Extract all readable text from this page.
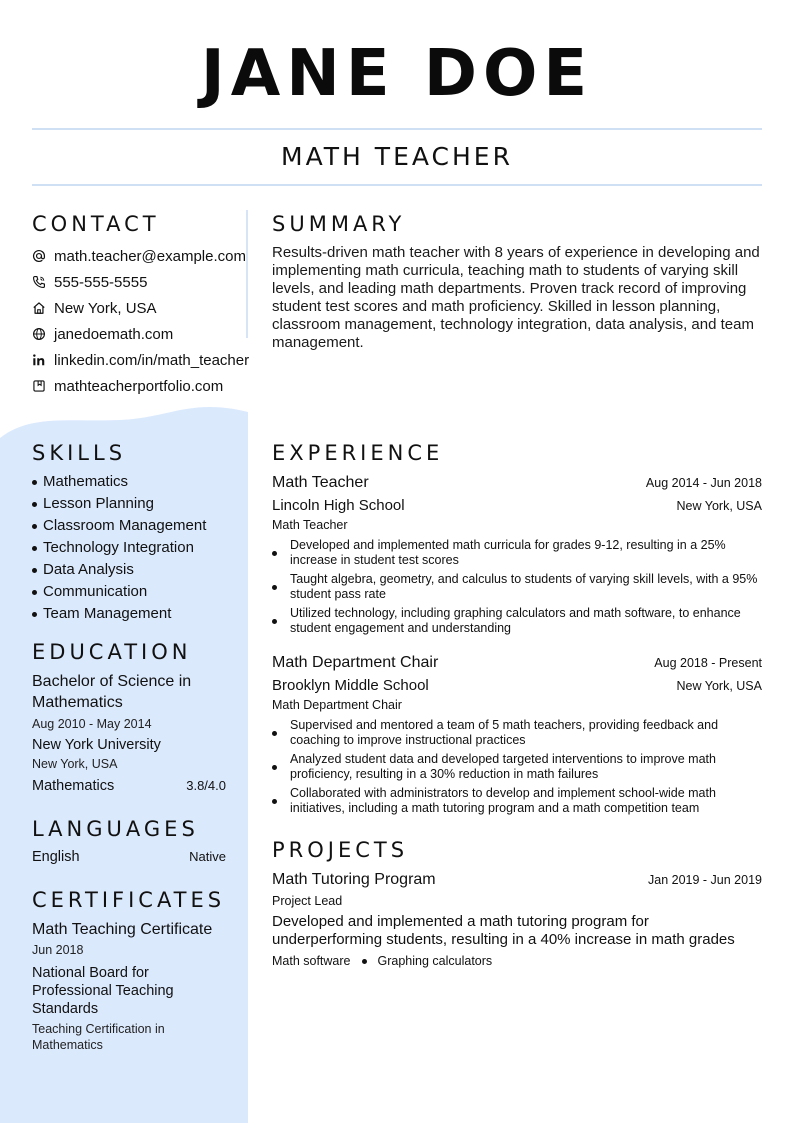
JANE DOE
MATH TEACHER
CONTACT
math.teacher@example.com
555-555-5555
New York, USA
janedoemath.com
linkedin.com/in/math_teacher
mathteacherportfolio.com
SUMMARY
Results-driven math teacher with 8 years of experience in developing and implementing math curricula, teaching math to students of varying skill levels, and leading math departments. Proven track record of improving student test scores and math proficiency. Skilled in lesson planning, classroom management, technology integration, data analysis, and team management.
SKILLS
Mathematics
Lesson Planning
Classroom Management
Technology Integration
Data Analysis
Communication
Team Management
EDUCATION
Bachelor of Science in Mathematics
Aug 2010 - May 2014
New York University
New York, USA
Mathematics	3.8/4.0
LANGUAGES
English	Native
CERTIFICATES
Math Teaching Certificate
Jun 2018
National Board for Professional Teaching Standards
Teaching Certification in Mathematics
EXPERIENCE
Math Teacher	Aug 2014 - Jun 2018
Lincoln High School	New York, USA
Math Teacher
Developed and implemented math curricula for grades 9-12, resulting in a 25% increase in student test scores
Taught algebra, geometry, and calculus to students of varying skill levels, with a 95% student pass rate
Utilized technology, including graphing calculators and math software, to enhance student engagement and understanding
Math Department Chair	Aug 2018 - Present
Brooklyn Middle School	New York, USA
Math Department Chair
Supervised and mentored a team of 5 math teachers, providing feedback and coaching to improve instructional practices
Analyzed student data and developed targeted interventions to improve math proficiency, resulting in a 30% reduction in math failures
Collaborated with administrators to develop and implement school-wide math initiatives, including a math tutoring program and a math competition team
PROJECTS
Math Tutoring Program	Jan 2019 - Jun 2019
Project Lead
Developed and implemented a math tutoring program for underperforming students, resulting in a 40% increase in math grades
Math software Graphing calculators
